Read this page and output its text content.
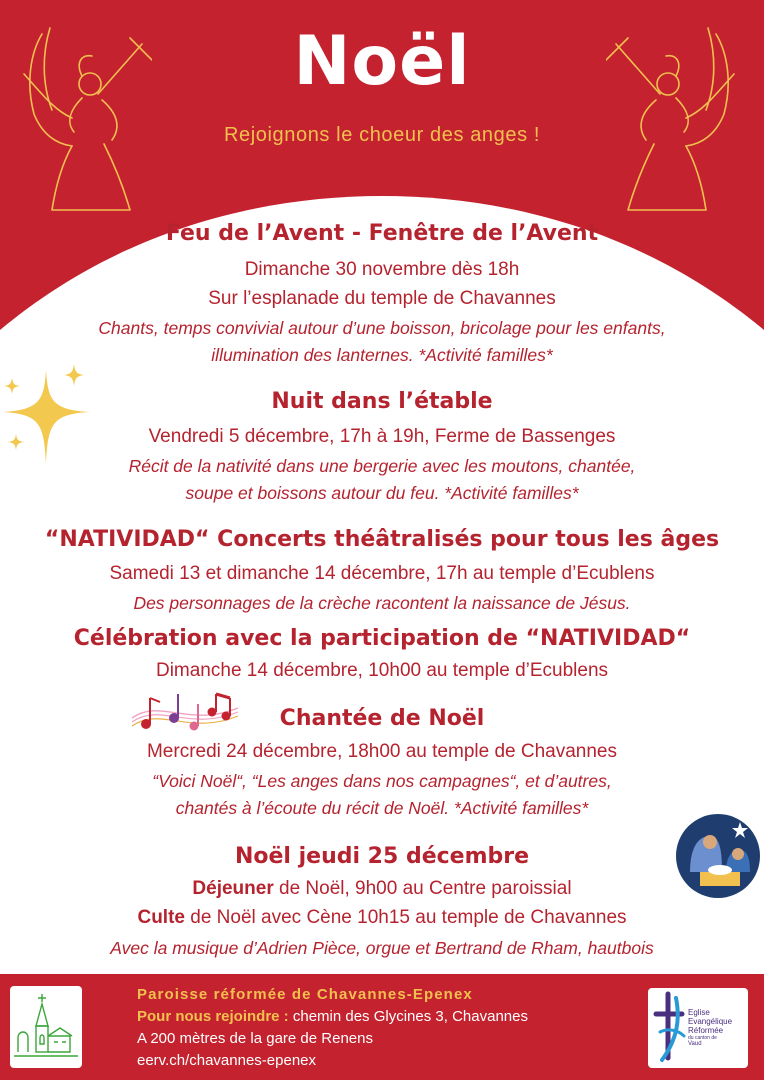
Noël

Rejoignons le choeur des anges !

Feu de l’Avent - Fenêtre de l’Avent

Dimanche 30 novembre dès 18h

Sur l’esplanade du temple de Chavannes

Chants, temps convivial autour d’une boisson, bricolage pour les enfants,

illumination des lanternes. *Activité familles*

Nuit dans l’étable

Vendredi 5 décembre, 17h à 19h, Ferme de Bassenges

Récit de la nativité dans une bergerie avec les moutons, chantée,

soupe et boissons autour du feu. *Activité familles*

“NATIVIDAD“ Concerts théâtralisés pour tous les âges

Samedi 13 et dimanche 14 décembre, 17h au temple d’Ecublens

Des personnages de la crèche racontent la naissance de Jésus.

Célébration avec la participation de “NATIVIDAD“

Dimanche 14 décembre, 10h00 au temple d’Ecublens

Chantée de Noël

Mercredi 24 décembre, 18h00 au temple de Chavannes

“Voici Noël“, “Les anges dans nos campagnes“, et d’autres,

chantés à l’écoute du récit de Noël. *Activité familles*

Noël jeudi 25 décembre

Déjeuner de Noël, 9h00 au Centre paroissial

Culte de Noël avec Cène 10h15 au temple de Chavannes

Avec la musique d’Adrien Pièce, orgue et Bertrand de Rham, hautbois

Paroisse réformée de Chavannes-Epenex

Pour nous rejoindre : chemin des Glycines 3, Chavannes

A 200 mètres de la gare de Renens

eerv.ch/chavannes-epenex

Eglise
Evangélique
Réformée
du canton de
Vaud
